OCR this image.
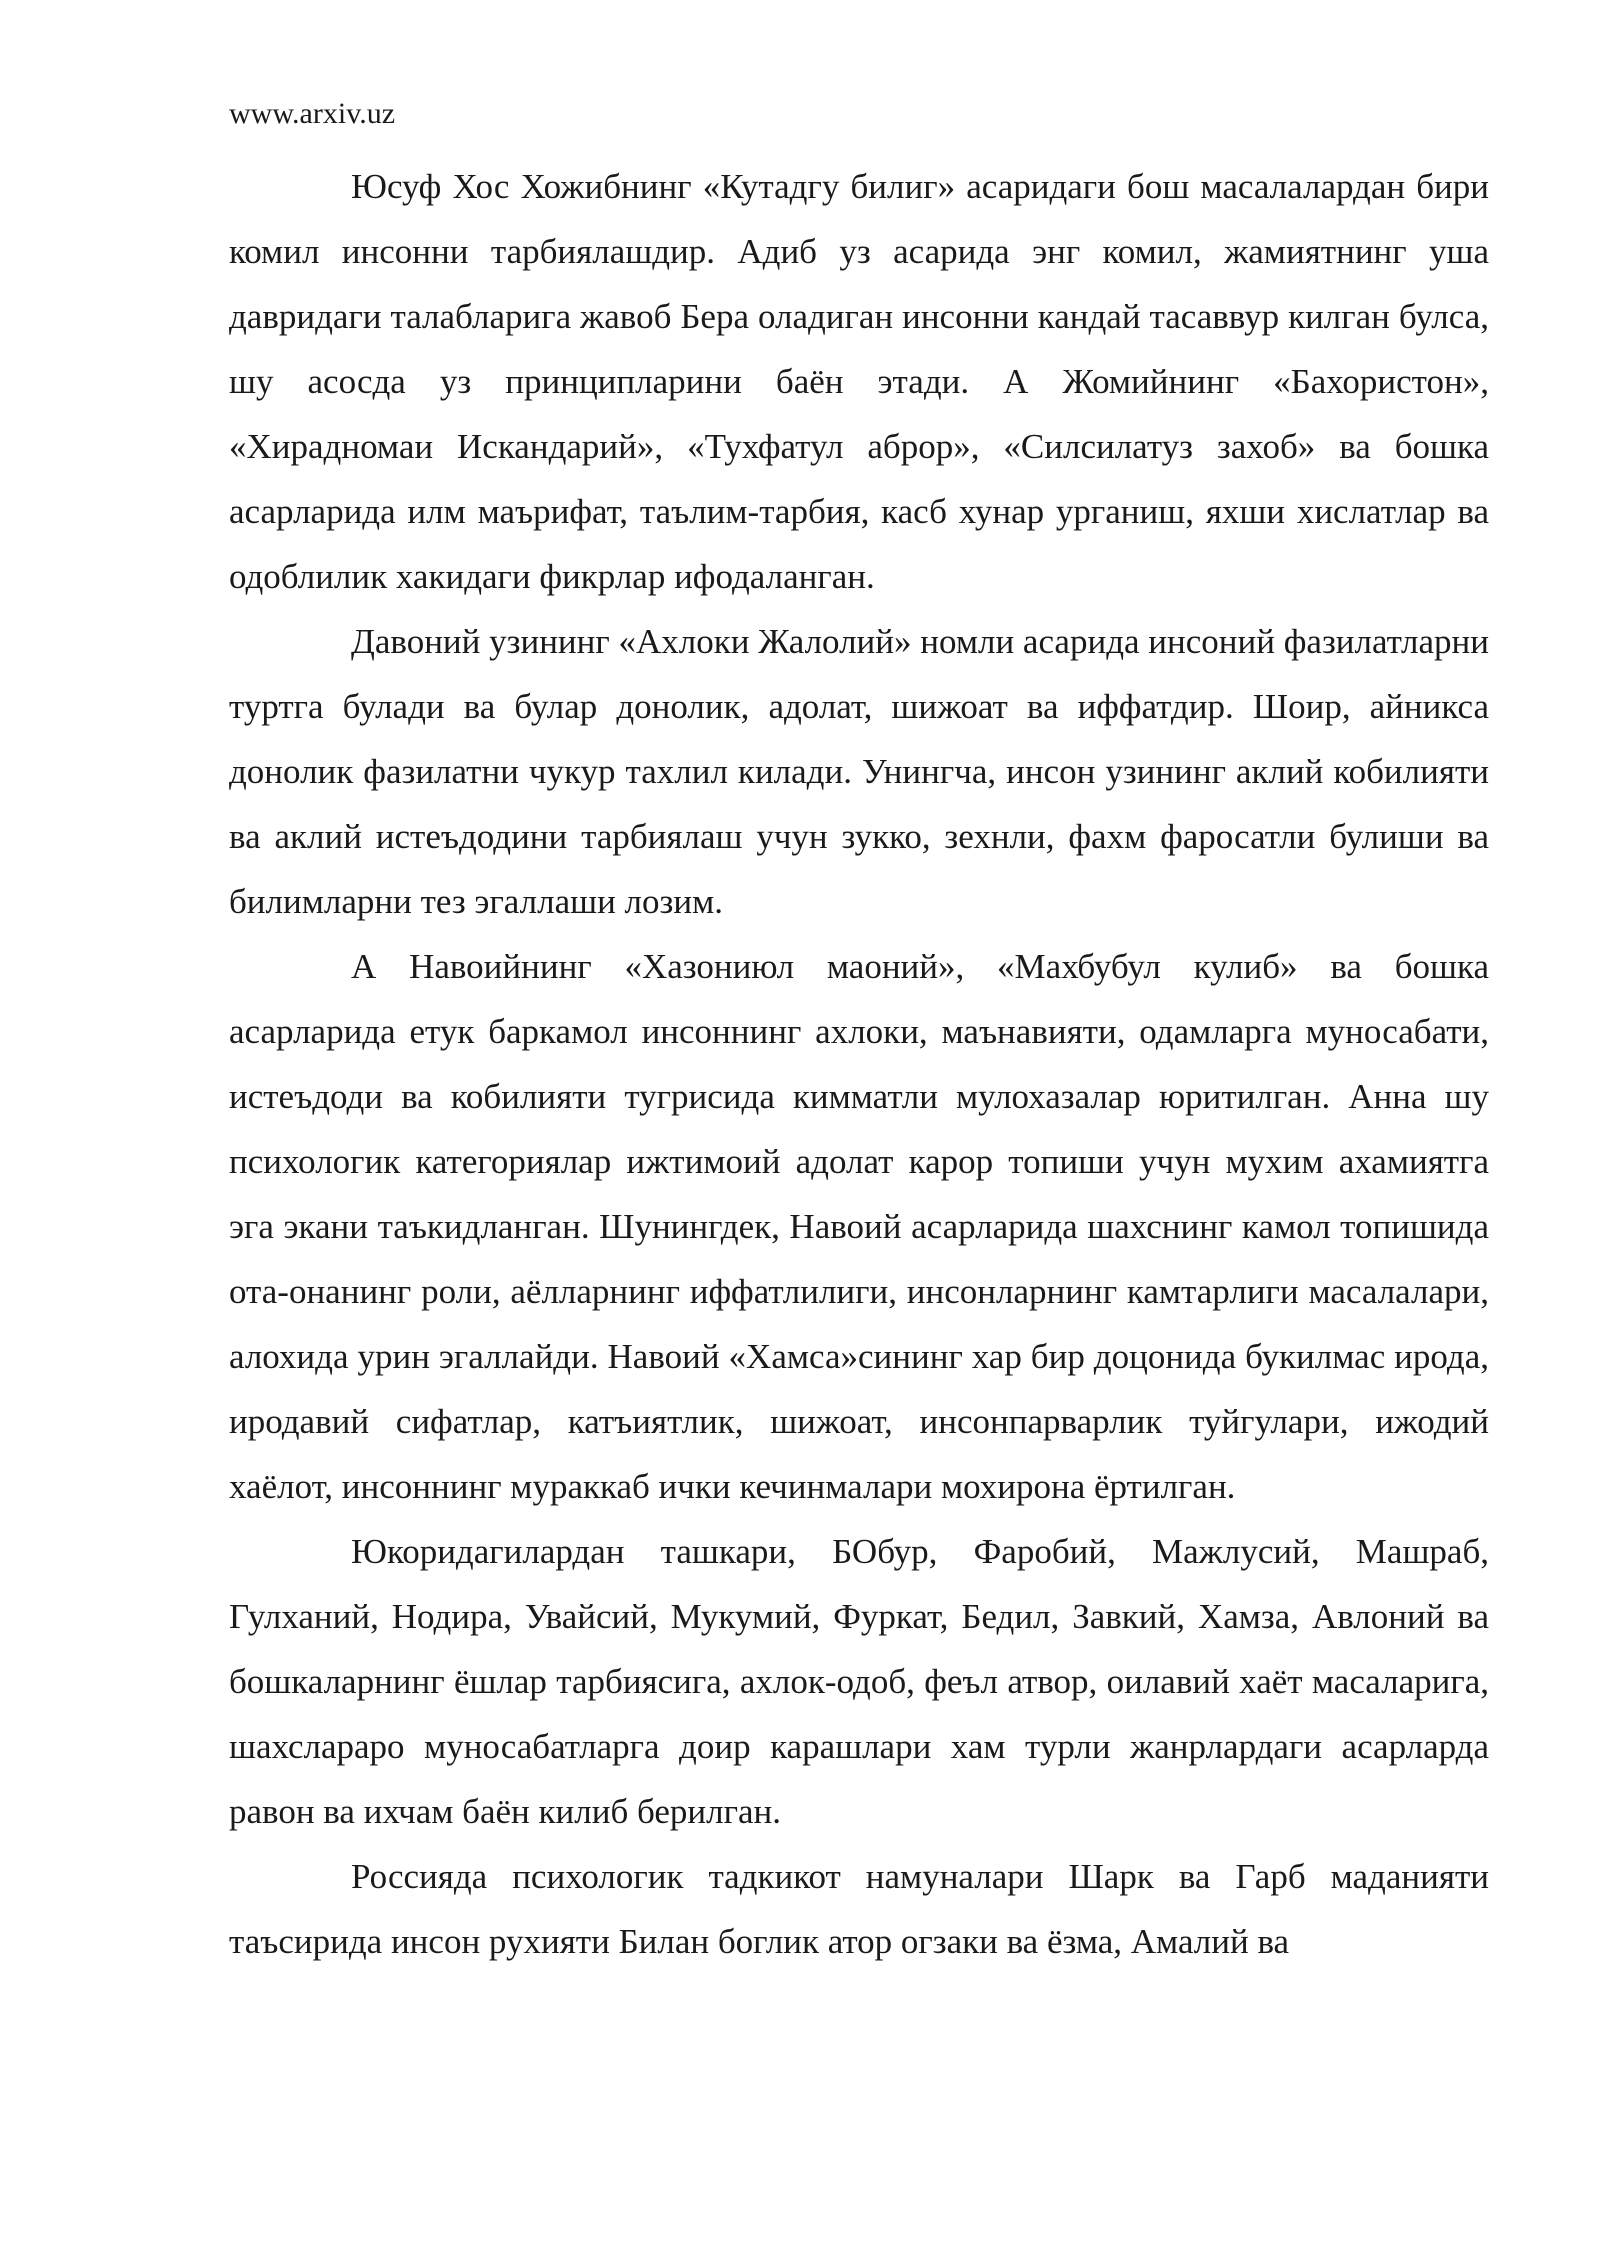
www.arxiv.uz

Юсуф Хос Хожибнинг «Кутадгу билиг» асаридаги бош масалалардан бири комил инсонни тарбиялашдир. Адиб уз асарида энг комил, жамиятнинг уша давридаги талабларига жавоб Бера оладиган инсонни кандай тасаввур килган булса, шу асосда уз принципларини баён этади. А Жомийнинг «Бахористон», «Хирадномаи Искандарий», «Тухфатул аброр», «Силсилатуз захоб» ва бошка асарларида илм маърифат, таълим-тарбия, касб хунар урганиш, яхши хислатлар ва одоблилик хакидаги фикрлар ифодаланган.

Давоний узининг «Ахлоки Жалолий» номли асарида инсоний фазилатларни туртга булади ва булар донолик, адолат, шижоат ва иффатдир. Шоир, айникса донолик фазилатни чукур тахлил килади. Унингча, инсон узининг аклий кобилияти ва аклий истеъдодини тарбиялаш учун зукко, зехнли, фахм фаросатли булиши ва билимларни тез эгаллаши лозим.

А Навоийнинг «Хазониюл маоний», «Махбубул кулиб» ва бошка асарларида етук баркамол инсоннинг ахлоки, маънавияти, одамларга муносабати, истеъдоди ва кобилияти тугрисида кимматли мулохазалар юритилган. Анна шу психологик категориялар ижтимоий адолат карор топиши учун мухим ахамиятга эга экани таъкидланган. Шунингдек, Навоий асарларида шахснинг камол топишида ота-онанинг роли, аёлларнинг иффатлилиги, инсонларнинг камтарлиги масалалари, алохида урин эгаллайди. Навоий «Хамса»сининг хар бир доцонида букилмас ирода, иродавий сифатлар, катъиятлик, шижоат, инсонпарварлик туйгулари, ижодий хаёлот, инсоннинг мураккаб ички кечинмалари мохирона ёртилган.

Юкоридагилардан ташкари, БОбур, Фаробий, Мажлусий, Машраб, Гулханий, Нодира, Увайсий, Мукумий, Фуркат, Бедил, Завкий, Хамза, Авлоний ва бошкаларнинг ёшлар тарбиясига, ахлок-одоб, феъл атвор, оилавий хаёт масаларига, шахслараро муносабатларга доир карашлари хам турли жанрлардаги асарларда равон ва ихчам баён килиб берилган.

Россияда психологик тадкикот намуналари Шарк ва Гарб маданияти таъсирида инсон рухияти Билан боглик атор огзаки ва ёзма, Амалий ва
